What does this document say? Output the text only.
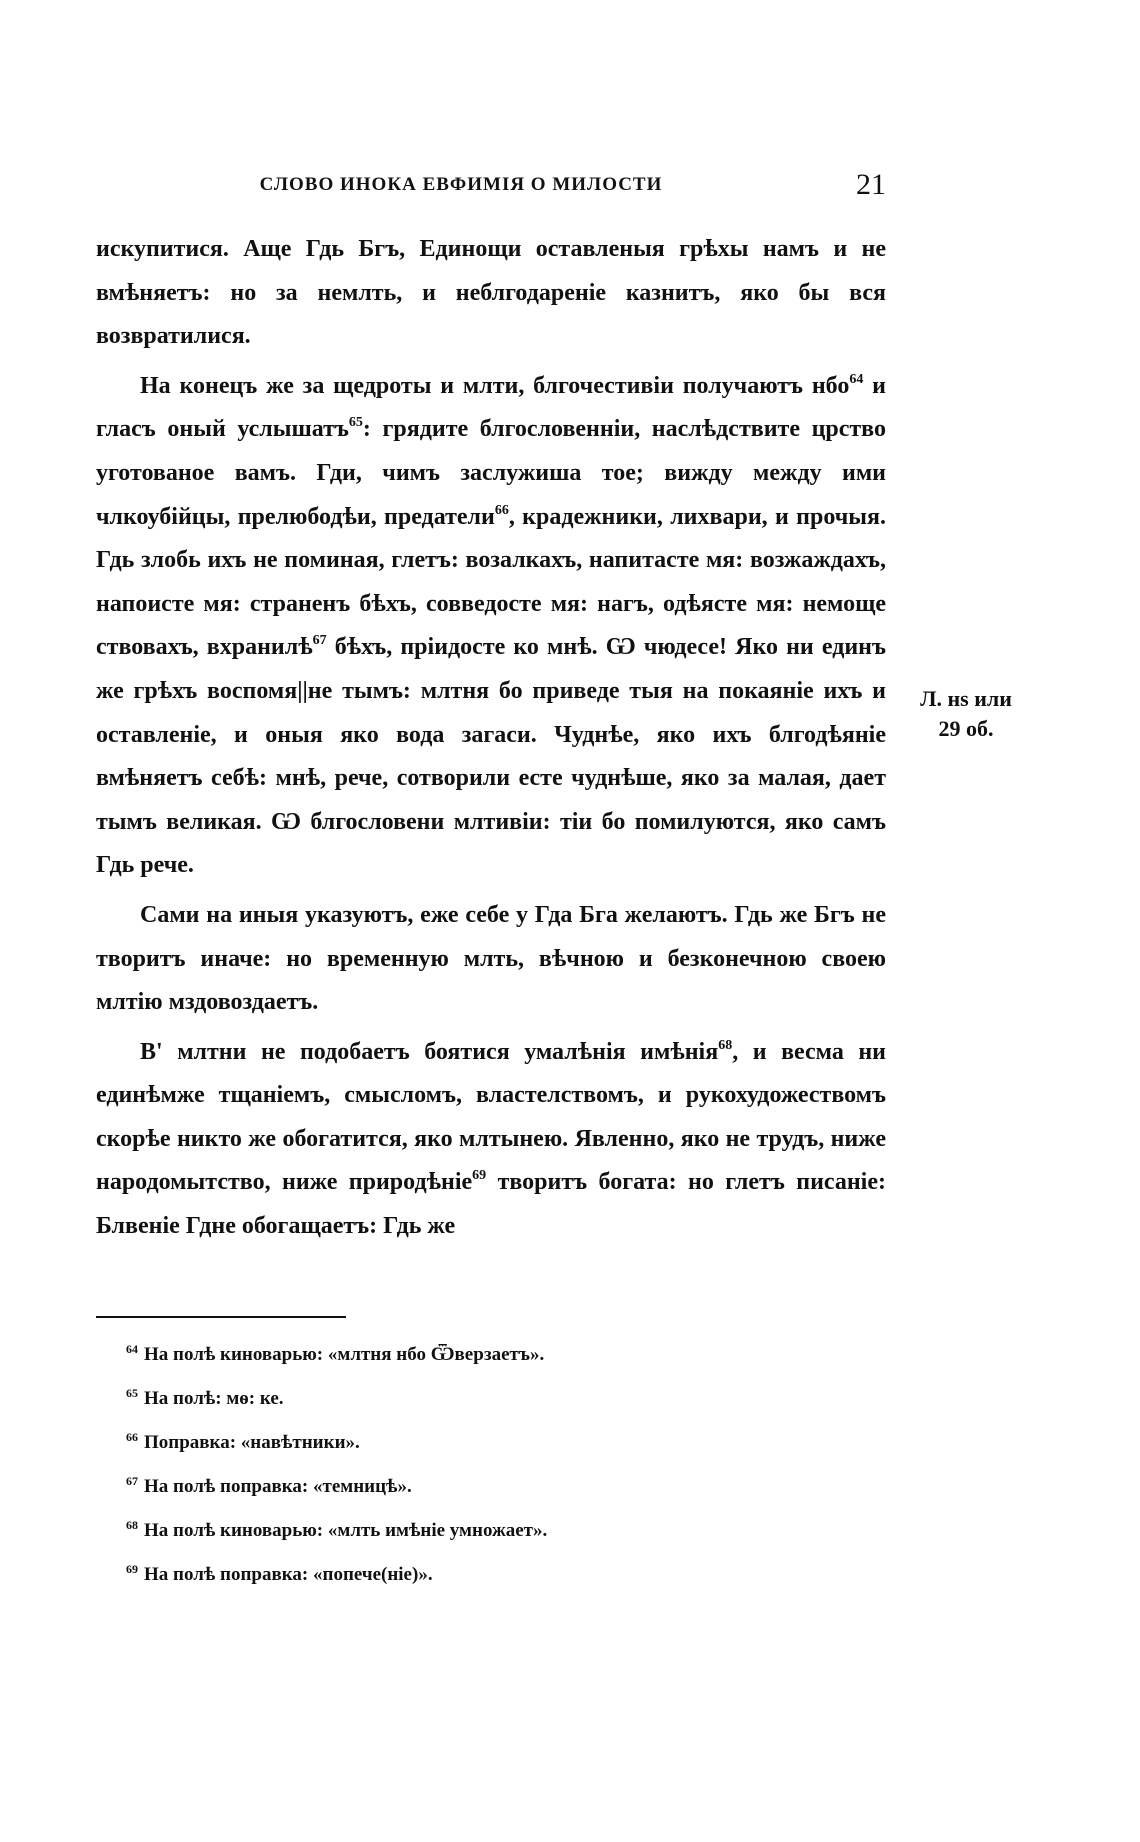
СЛОВО ИНОКА ЕВФИМІЯ О МИЛОСТИ	21

искупитися. Аще Гдь Бгъ, Единощи оставленыя грѣхы намъ и не вмѣняетъ: но за немлть, и неблгодареніе казнитъ, яко бы вся возвратилися.

На конецъ же за щедроты и млти, блгочестивіи получаютъ нбо$^{64}$ и гласъ оный услышатъ$^{65}$: грядите блгословенніи, наслѣдствите црство уготованое вамъ. Гди, чимъ заслужиша тое; вижду между ими члкоубійцы, прелюбодѣи, предатели$^{66}$, крадежники, лихвари, и прочыя. Гдь злобь ихъ не поминая, глетъ: возалкахъ, напитасте мя: возжаждахъ, напоисте мя: страненъ бѣхъ, совведосте мя: нагъ, одѣясте мя: немоще ствовахъ, вхранилѣ$^{67}$ бѣхъ, пріидосте ко мнѣ. Ѡ чюдесе! Яко ни единъ же грѣхъ воспомя||не тымъ: млтня бо приведе тыя на покаяніе ихъ и оставленіе, и оныя яко вода загаси. Чуднѣе, яко ихъ блгодѣяніе вмѣняетъ себѣ: мнѣ, рече, сотворили есте чуднѣше, яко за малая, дает тымъ великая. Ѡ блгословени млтивіи: тіи бо помилуются, яко самъ Гдь рече.

Сами на иныя указуютъ, еже себе у Гда Бга желаютъ. Гдь же Бгъ не творитъ иначе: но временную млть, вѣчною и безконечною своею млтію мздовоздаетъ.

В' млтни не подобаетъ боятися умалѣнія имѣнія$^{68}$, и весма ни единѣмже тщаніемъ, смысломъ, властелствомъ, и рукохудожествомъ скорѣе никто же обогатится, яко млтынею. Явленно, яко не трудъ, ниже народомытство, ниже природѣніе$^{69}$ творитъ богата: но глетъ писаніе: Блвеніе Гдне обогащаетъ: Гдь же

Л. нѕ или
29 об.
$^{64}$ На полѣ киноварью: «млтня нбо Ѿверзаетъ».
$^{65}$ На полѣ: мѳ: ке.
$^{66}$ Поправка: «навѣтники».
$^{67}$ На полѣ поправка: «темницѣ».
$^{68}$ На полѣ киноварью: «млть имѣніе умножает».
$^{69}$ На полѣ поправка: «попече(ніе)».
